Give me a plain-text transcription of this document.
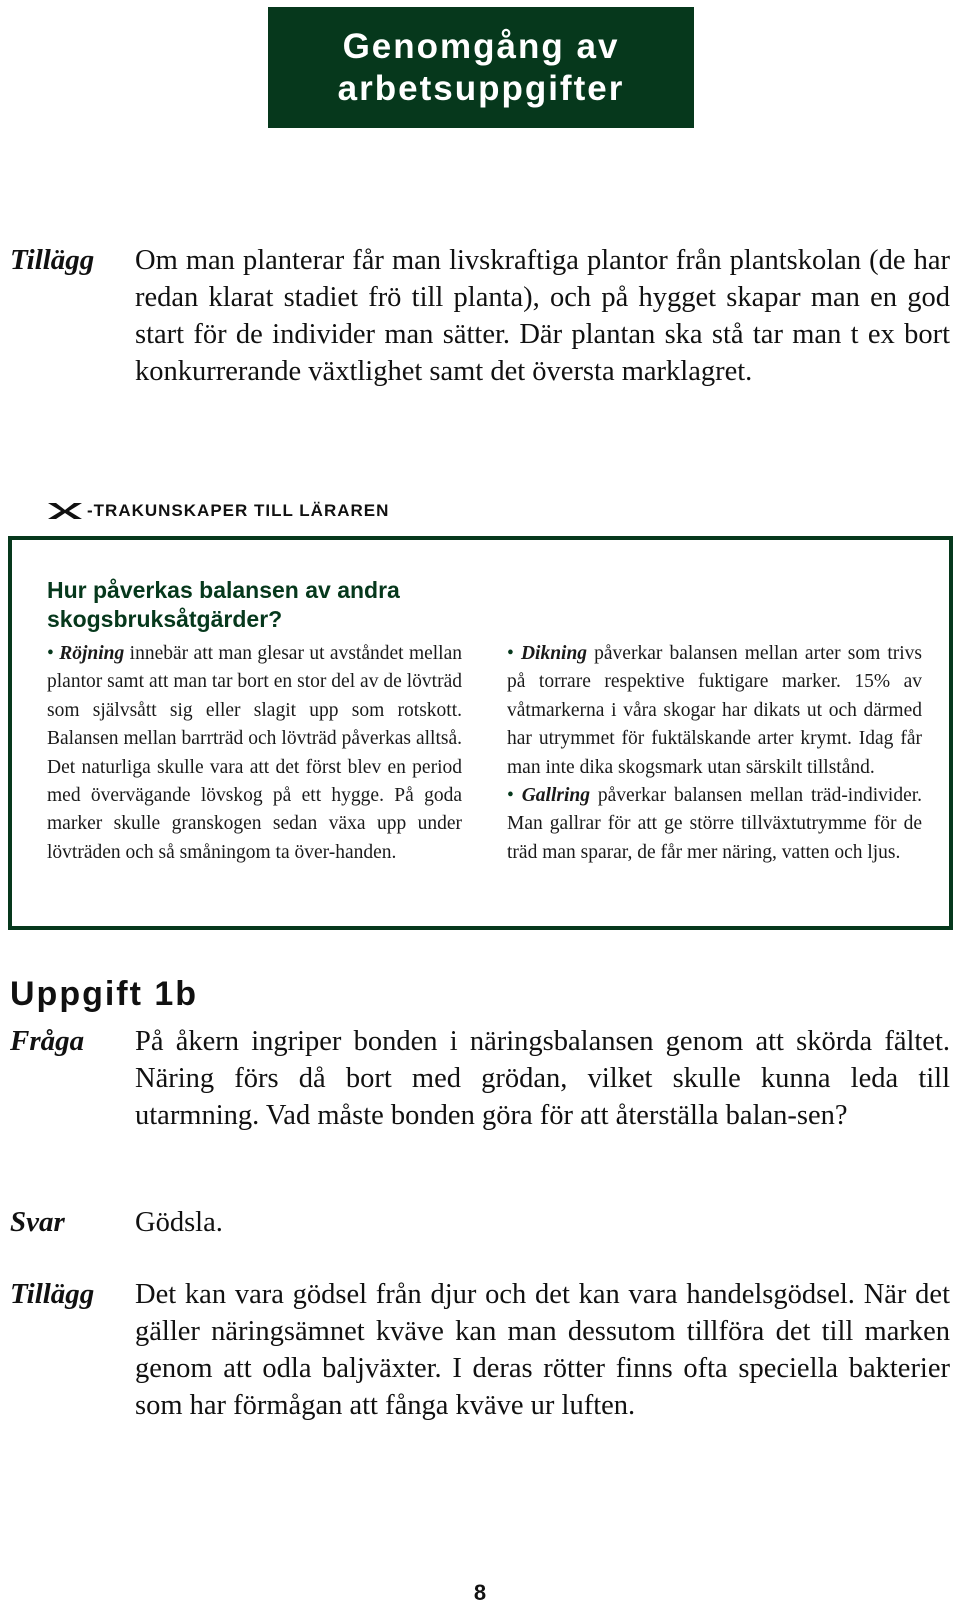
Genomgång av
arbetsuppgifter
Tillägg Om man planterar får man livskraftiga plantor från plantskolan (de har redan klarat stadiet frö till planta), och på hygget skapar man en god start för de individer man sätter. Där plantan ska stå tar man t ex bort konkurrerande växtlighet samt det översta marklagret.
-TRAKUNSKAPER TILL LÄRAREN
Hur påverkas balansen av andra skogsbruksåtgärder?

• Röjning innebär att man glesar ut avståndet mellan plantor samt att man tar bort en stor del av de lövträd som självsått sig eller slagit upp som rotskott. Balansen mellan barrträd och lövträd påverkas alltså. Det naturliga skulle vara att det först blev en period med övervägande lövskog på ett hygge. På goda marker skulle granskogen sedan växa upp under lövträden och så småningom ta över-handen.

• Dikning påverkar balansen mellan arter som trivs på torrare respektive fuktigare marker. 15% av våtmarkerna i våra skogar har dikats ut och därmed har utrymmet för fuktälskande arter krymt. Idag får man inte dika skogsmark utan särskilt tillstånd.

• Gallring påverkar balansen mellan träd-individer. Man gallrar för att ge större tillväxtutrymme för de träd man sparar, de får mer näring, vatten och ljus.

Uppgift 1b
Fråga På åkern ingriper bonden i näringsbalansen genom att skörda fältet. Näring förs då bort med grödan, vilket skulle kunna leda till utarmning. Vad måste bonden göra för att återställa balan-sen?
Svar Gödsla.
Tillägg Det kan vara gödsel från djur och det kan vara handelsgödsel. När det gäller näringsämnet kväve kan man dessutom tillföra det till marken genom att odla baljväxter. I deras rötter finns ofta speciella bakterier som har förmågan att fånga kväve ur luften.
8
